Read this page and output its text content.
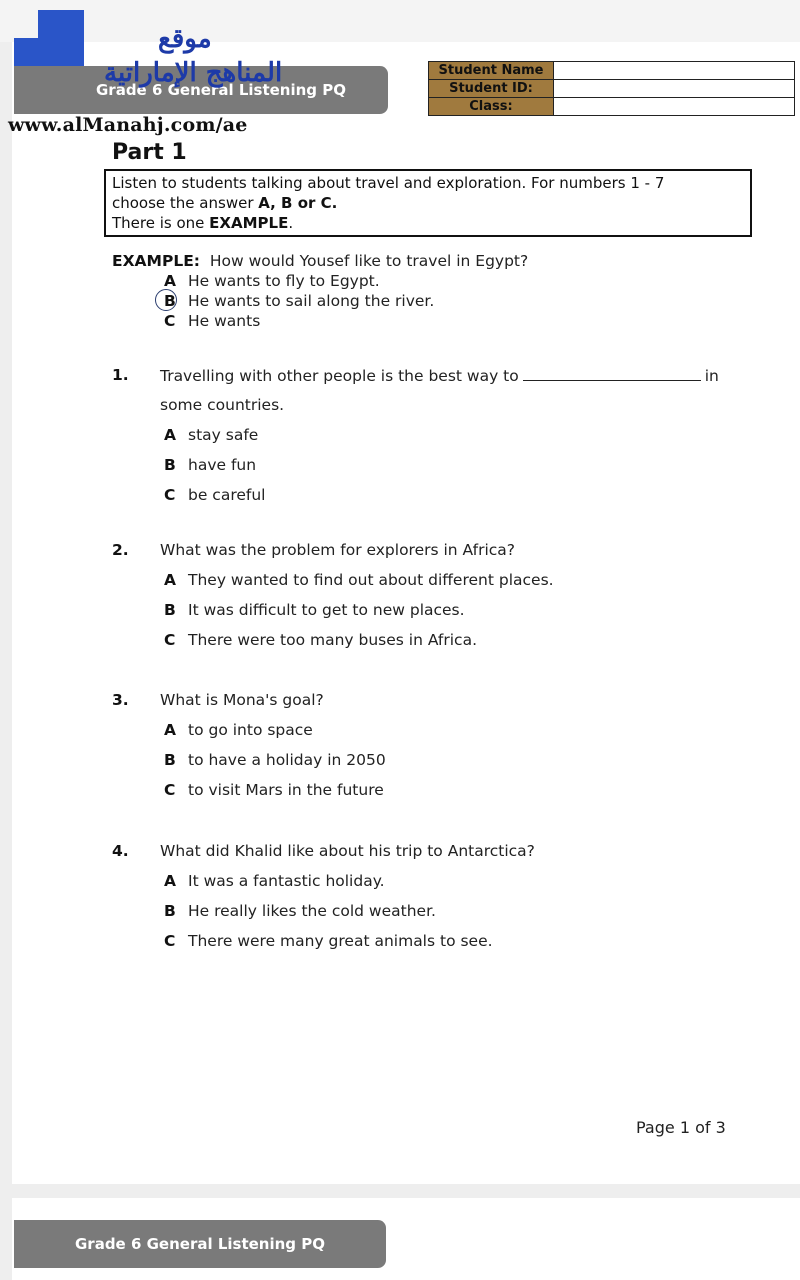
موقع
المناهج الإماراتية
www.alManahj.com/ae
Grade 6 General Listening PQ
Student Name	
Student ID:	
Class:	
Part 1
Listen to students talking about travel and exploration. For numbers 1 - 7
choose the answer A, B or C.
There is one EXAMPLE.
EXAMPLE: How would Yousef like to travel in Egypt?
A He wants to fly to Egypt.
B He wants to sail along the river.
C He wants
1. Travelling with other people is the best way to	in
some countries.
A stay safe
B have fun
C be careful
2. What was the problem for explorers in Africa?
A They wanted to find out about different places.
B It was difficult to get to new places.
C There were too many buses in Africa.
3. What is Mona's goal?
A to go into space
B to have a holiday in 2050
C to visit Mars in the future
4. What did Khalid like about his trip to Antarctica?
A It was a fantastic holiday.
B He really likes the cold weather.
C There were many great animals to see.
Page 1 of 3
Grade 6 General Listening PQ
